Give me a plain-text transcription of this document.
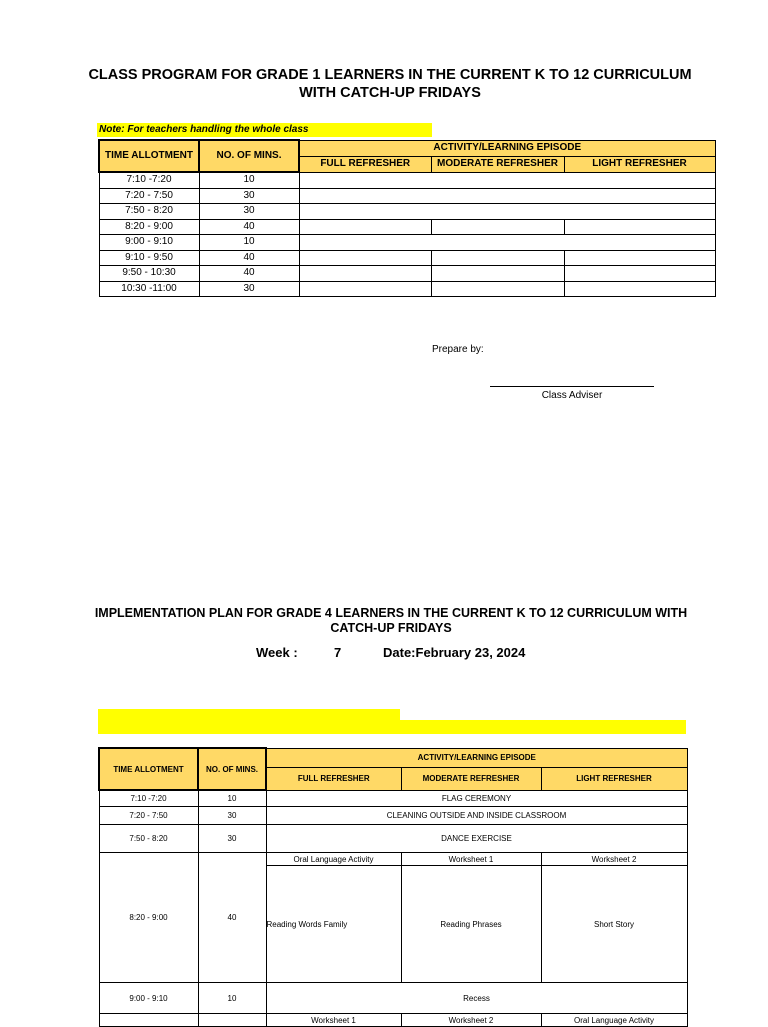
CLASS PROGRAM FOR GRADE 1 LEARNERS IN THE CURRENT K TO 12 CURRICULUM
WITH CATCH-UP FRIDAYS
Note: For teachers handling the whole class
TIME ALLOTMENT	NO. OF MINS.	ACTIVITY/LEARNING EPISODE		
		FULL REFRESHER	MODERATE REFRESHER	LIGHT REFRESHER
7:10 -7:20	10			
7:20 - 7:50	30			
7:50 - 8:20	30			
8:20 - 9:00	40			
9:00 - 9:10	10			
9:10 - 9:50	40			
9:50 - 10:30	40			
10:30 -11:00	30			
Prepare by:
Class Adviser
IMPLEMENTATION PLAN FOR GRADE 4 LEARNERS IN THE CURRENT K TO 12 CURRICULUM WITH
CATCH-UP FRIDAYS
Week :	7	Date:February 23, 2024
TIME ALLOTMENT	NO. OF MINS.	ACTIVITY/LEARNING EPISODE		
		FULL REFRESHER	MODERATE REFRESHER	LIGHT REFRESHER
7:10 -7:20	10	FLAG CEREMONY		
7:20 - 7:50	30	CLEANING OUTSIDE AND INSIDE CLASSROOM		
7:50 - 8:20	30	DANCE EXERCISE		
8:20 - 9:00	40	Oral Language Activity	Worksheet 1	Worksheet 2
		Reading Words Family	Reading Phrases	Short Story
9:00 - 9:10	10	Recess		
		Worksheet 1	Worksheet 2	Oral Language Activity
